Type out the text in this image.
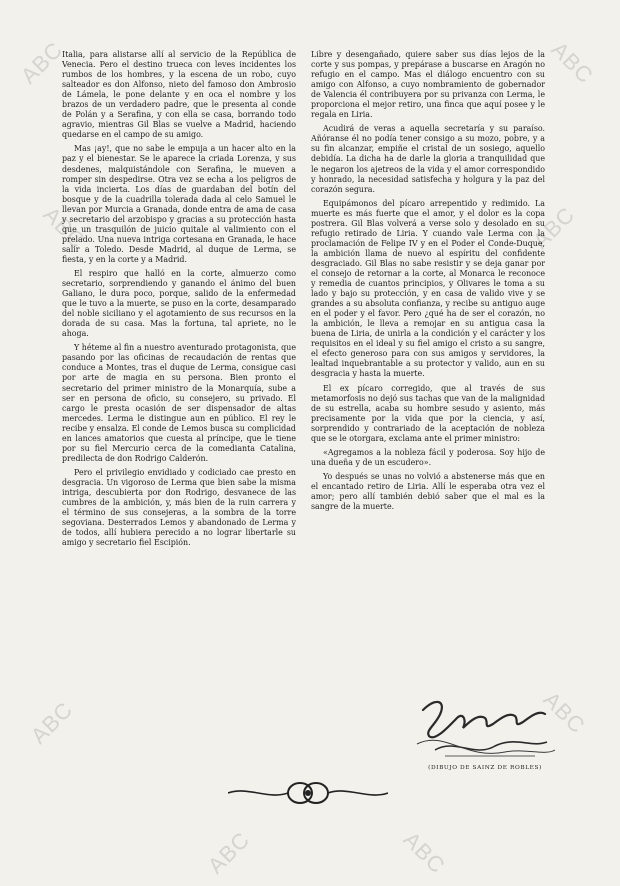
ABC	ABC
ABC	ABC
ABC	ABC
ABC	ABC

Italia, para alistarse allí al servicio de la República de Venecia. Pero el destino trueca con leves incidentes los rumbos de los hombres, y la escena de un robo, cuyo salteador es don Alfonso, nieto del famoso don Ambrosio de Lámela, le pone delante y en oca el nombre y los brazos de un verdadero padre, que le presenta al conde de Polán y a Serafina, y con ella se casa, borrando todo agravio, mientras Gil Blas se vuelve a Madrid, haciendo quedarse en el campo de su amigo.

Mas ¡ay!, que no sabe le empuja a un hacer alto en la paz y el bienestar. Se le aparece la criada Lorenza, y sus desdenes, malquistándole con Serafina, le mueven a romper sin despedirse. Otra vez se echa a los peligros de la vida incierta. Los días de guardaban del botín del bosque y de la cuadrilla tolerada dada al celo Samuel le llevan por Murcia a Granada, donde entra de ama de casa y secretario del arzobispo y gracias a su protección hasta que un trasquilón de juicio quitale al valimiento con el prelado. Una nueva intriga cortesana en Granada, le hace salir a Toledo. Desde Madrid, al duque de Lerma, se fiesta, y en la corte y a Madrid.

El respiro que halló en la corte, almuerzo como secretario, sorprendiendo y ganando el ánimo del buen Galiano, le dura poco, porque, salido de la enfermedad que le tuvo a la muerte, se puso en la corte, desamparado del noble siciliano y el agotamiento de sus recursos en la dorada de su casa. Mas la fortuna, tal apriete, no le ahoga.

Y héteme al fin a nuestro aventurado protagonista, que pasando por las oficinas de recaudación de rentas que conduce a Montes, tras el duque de Lerma, consigue casi por arte de magia en su persona. Bien pronto el secretario del primer ministro de la Monarquía, sube a ser en persona de oficio, su consejero, su privado. El cargo le presta ocasión de ser dispensador de altas mercedes. Lerma le distingue aun en público. El rey le recibe y ensalza. El conde de Lemos busca su complicidad en lances amatorios que cuesta al príncipe, que le tiene por su fiel Mercurio cerca de la comedianta Catalina, predilecta de don Rodrigo Calderón.

Pero el privilegio envidiado y codiciado cae presto en desgracia. Un vigoroso de Lerma que bien sabe la misma intriga, descubierta por don Rodrigo, desvanece de las cumbres de la ambición, y, más bien de la ruin carrera y el término de sus consejeras, a la sombra de la torre segoviana. Desterrados Lemos y abandonado de Lerma y de todos, allí hubiera perecido a no lograr libertarle su amigo y secretario fiel Escipión.

Libre y desengañado, quiere saber sus días lejos de la corte y sus pompas, y prepárase a buscarse en Aragón no refugio en el campo. Mas el diálogo encuentro con su amigo con Alfonso, a cuyo nombramiento de gobernador de Valencia él contribuyera por su privanza con Lerma, le proporciona el mejor retiro, una finca que aquí posee y le regala en Liria.

Acudirá de veras a aquella secretaría y su paraíso. Añóranse él no podía tener consigo a su mozo, pobre, y a su fin alcanzar, empiñe el cristal de un sosiego, aquello debidía. La dicha ha de darle la gloria a tranquilidad que le negaron los ajetreos de la vida y el amor correspondido y honrado, la necesidad satisfecha y holgura y la paz del corazón segura.

Equipámonos del pícaro arrepentido y redimido. La muerte es más fuerte que el amor, y el dolor es la copa postrera. Gil Blas volverá a verse solo y desolado en su refugio retirado de Liria. Y cuando vale Lerma con la proclamación de Felipe IV y en el Poder el Conde-Duque, la ambición llama de nuevo al espíritu del confidente desgraciado. Gil Blas no sabe resistir y se deja ganar por el consejo de retornar a la corte, al Monarca le reconoce y remedia de cuantos principios, y Olivares le toma a su lado y bajo su protección, y en casa de valido vive y se grandes a su absoluta confianza, y recibe su antiguo auge en el poder y el favor. Pero ¿qué ha de ser el corazón, no la ambición, le lleva a remojar en su antigua casa la buena de Liria, de unirla a la condición y el carácter y los requisitos en el ideal y su fiel amigo el cristo a su sangre, el efecto generoso para con sus amigos y servidores, la lealtad inquebrantable a su protector y valido, aun en su desgracia y hasta la muerte.

El ex pícaro corregido, que al través de sus metamorfosis no dejó sus tachas que van de la malignidad de su estrella, acaba su hombre sesudo y asiento, más precisamente por la vida que por la ciencia, y así, sorprendido y contrariado de la aceptación de nobleza que se le otorgara, exclama ante el primer ministro:

«Agregamos a la nobleza fácil y poderosa. Soy hijo de una dueña y de un escudero».

Yo después se unas no volvió a abstenerse más que en el encantado retiro de Liria. Allí le esperaba otra vez el amor; pero allí también debió saber que el mal es la sangre de la muerte.

(DIBUJO DE SAINZ DE ROBLES)
